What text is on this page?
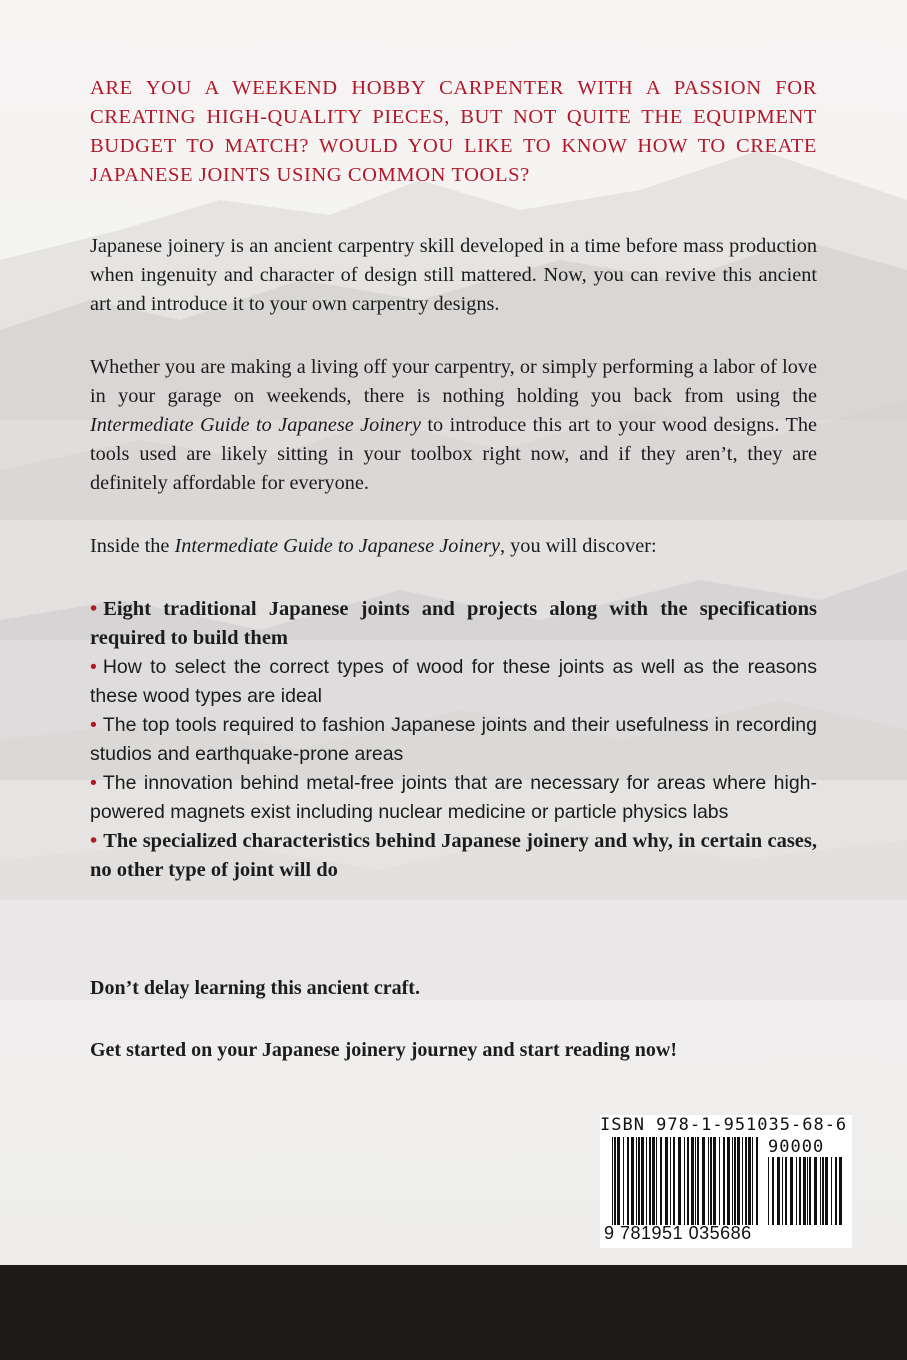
ARE YOU A WEEKEND HOBBY CARPENTER WITH A PASSION FOR CREATING HIGH-QUALITY PIECES, BUT NOT QUITE THE EQUIPMENT BUDGET TO MATCH? WOULD YOU LIKE TO KNOW HOW TO CREATE JAPANESE JOINTS USING COMMON TOOLS?

Japanese joinery is an ancient carpentry skill developed in a time before mass production when ingenuity and character of design still mattered. Now, you can revive this ancient art and introduce it to your own carpentry designs.

Whether you are making a living off your carpentry, or simply performing a labor of love in your garage on weekends, there is nothing holding you back from using the Intermediate Guide to Japanese Joinery to introduce this art to your wood designs. The tools used are likely sitting in your toolbox right now, and if they aren’t, they are definitely affordable for everyone.

Inside the Intermediate Guide to Japanese Joinery, you will discover:

• Eight traditional Japanese joints and projects along with the specifications required to build them
• How to select the correct types of wood for these joints as well as the reasons these wood types are ideal
• The top tools required to fashion Japanese joints and their usefulness in recording studios and earthquake-prone areas
• The innovation behind metal-free joints that are necessary for areas where high-powered magnets exist including nuclear medicine or particle physics labs
• The specialized characteristics behind Japanese joinery and why, in certain cases, no other type of joint will do

Don’t delay learning this ancient craft.

Get started on your Japanese joinery journey and start reading now!

ISBN 978-1-951035-68-6
90000
9 781951 035686
